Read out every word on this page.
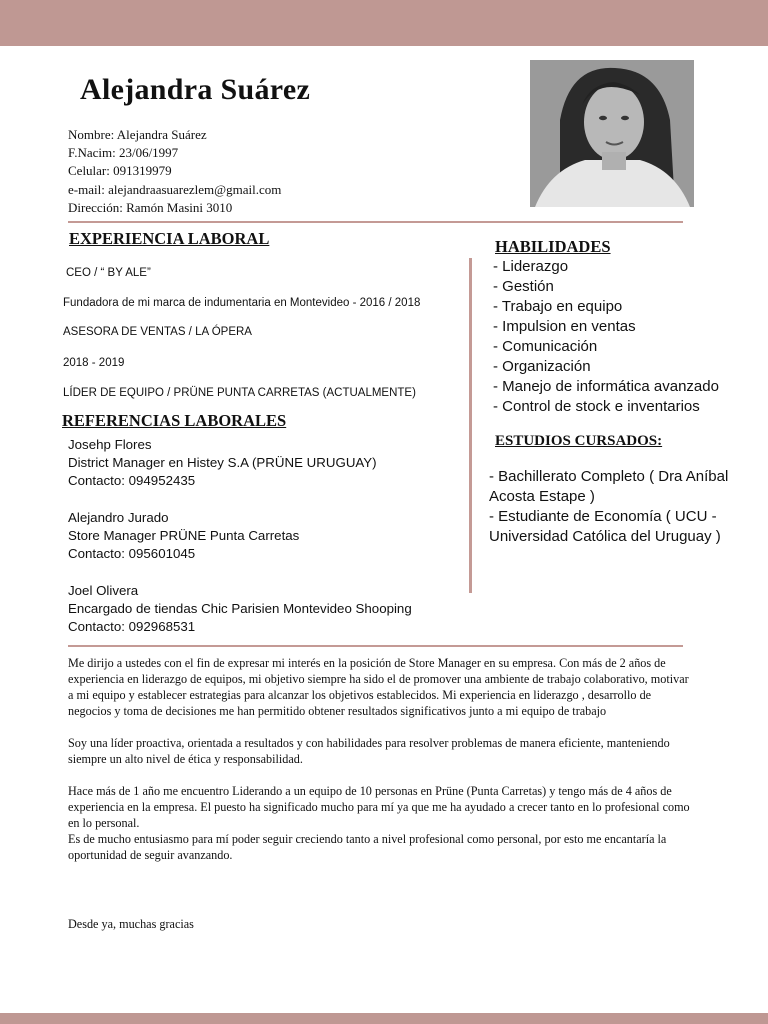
Alejandra Suárez
Nombre: Alejandra Suárez
F.Nacim: 23/06/1997
Celular: 091319979
e-mail: alejandraasuarezlem@gmail.com
Dirección: Ramón Masini 3010
EXPERIENCIA LABORAL
CEO / “ BY ALE”
Fundadora de mi marca de indumentaria en Montevideo - 2016 / 2018
ASESORA DE VENTAS / LA ÓPERA
2018 - 2019
LÍDER DE EQUIPO / PRÜNE PUNTA CARRETAS (ACTUALMENTE)
REFERENCIAS LABORALES
Josehp Flores
District Manager en Histey S.A (PRÜNE URUGUAY)
Contacto: 094952435
Alejandro Jurado
Store Manager PRÜNE Punta Carretas
Contacto: 095601045
Joel Olivera
Encargado de tiendas Chic Parisien Montevideo Shooping
Contacto: 092968531
HABILIDADES
- Liderazgo
- Gestión
- Trabajo en equipo
- Impulsion en ventas
- Comunicación
- Organización
- Manejo de informática avanzado
- Control de stock e inventarios
ESTUDIOS CURSADOS:
- Bachillerato Completo ( Dra Aníbal Acosta Estape )
- Estudiante de Economía ( UCU - Universidad Católica del Uruguay )

Me dirijo a ustedes con el fin de expresar mi interés en la posición de Store Manager en su empresa. Con más de 2 años de experiencia en liderazgo de equipos, mi objetivo siempre ha sido el de promover una ambiente de trabajo colaborativo, motivar a mi equipo y establecer estrategias para alcanzar los objetivos establecidos. Mi experiencia en liderazgo , desarrollo de negocios y toma de decisiones me han permitido obtener resultados significativos junto a mi equipo de trabajo

Soy una líder proactiva, orientada a resultados y con habilidades para resolver problemas de manera eficiente, manteniendo siempre un alto nivel de ética y responsabilidad.

Hace más de 1 año me encuentro Liderando a un equipo de 10 personas en Prüne (Punta Carretas) y tengo más de 4 años de experiencia en la empresa. El puesto ha significado mucho para mí ya que me ha ayudado a crecer tanto en lo profesional como en lo personal.

Es de mucho entusiasmo para mí poder seguir creciendo tanto a nivel profesional como personal, por esto me encantaría la oportunidad de seguir avanzando.

Desde ya, muchas gracias
